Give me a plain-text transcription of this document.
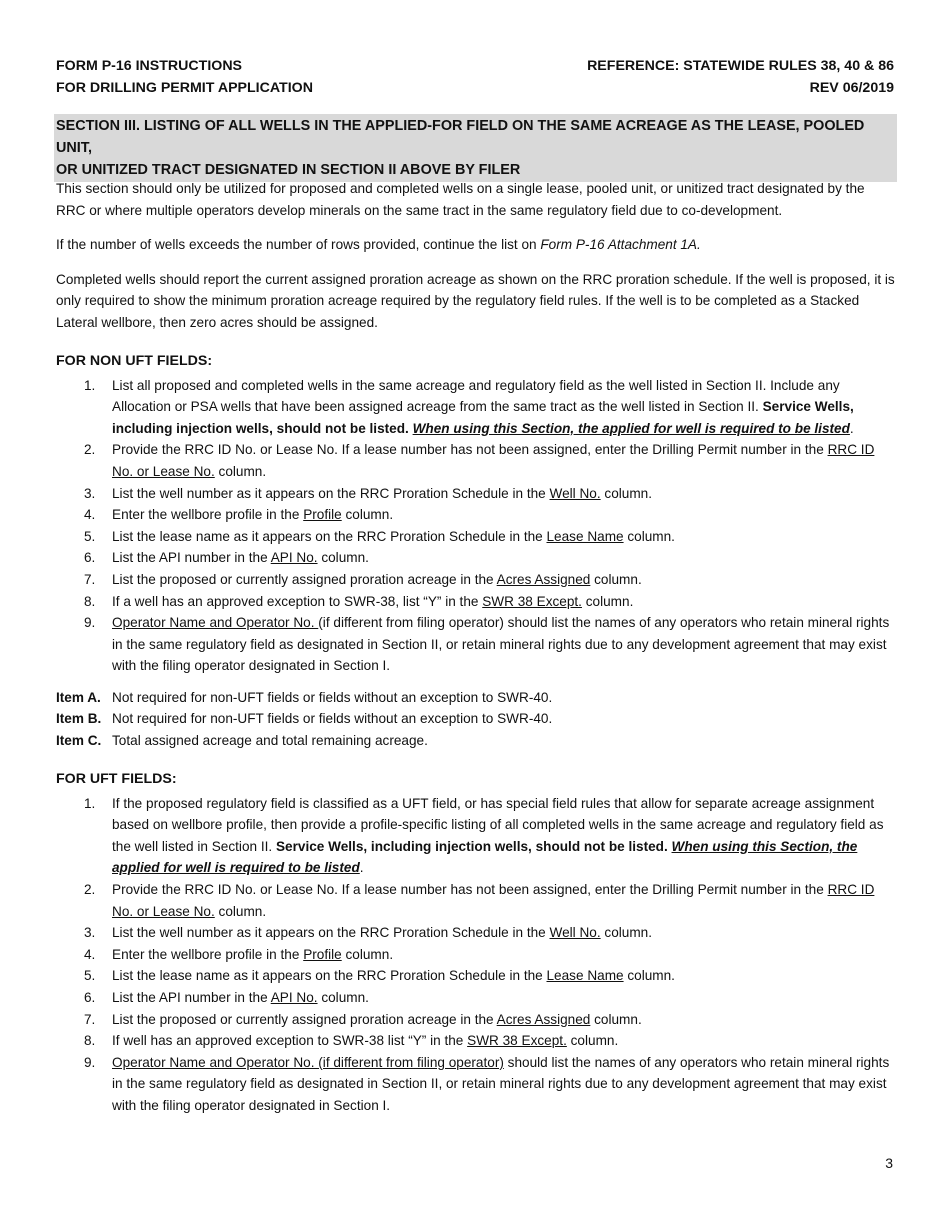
FORM P-16 INSTRUCTIONS	REFERENCE: STATEWIDE RULES 38, 40 & 86
FOR DRILLING PERMIT APPLICATION	REV 06/2019
SECTION III. LISTING OF ALL WELLS IN THE APPLIED-FOR FIELD ON THE SAME ACREAGE AS THE LEASE, POOLED UNIT,
OR UNITIZED TRACT DESIGNATED IN SECTION II ABOVE BY FILER

This section should only be utilized for proposed and completed wells on a single lease, pooled unit, or unitized tract designated by the RRC or where multiple operators develop minerals on the same tract in the same regulatory field due to co-development.

If the number of wells exceeds the number of rows provided, continue the list on Form P-16 Attachment 1A.

Completed wells should report the current assigned proration acreage as shown on the RRC proration schedule. If the well is proposed, it is only required to show the minimum proration acreage required by the regulatory field rules. If the well is to be completed as a Stacked Lateral wellbore, then zero acres should be assigned.

FOR NON UFT FIELDS:
1. List all proposed and completed wells in the same acreage and regulatory field as the well listed in Section II. Include any Allocation or PSA wells that have been assigned acreage from the same tract as the well listed in Section II. Service Wells, including injection wells, should not be listed. When using this Section, the applied for well is required to be listed.
2. Provide the RRC ID No. or Lease No. If a lease number has not been assigned, enter the Drilling Permit number in the RRC ID No. or Lease No. column.
3. List the well number as it appears on the RRC Proration Schedule in the Well No. column.
4. Enter the wellbore profile in the Profile column.
5. List the lease name as it appears on the RRC Proration Schedule in the Lease Name column.
6. List the API number in the API No. column.
7. List the proposed or currently assigned proration acreage in the Acres Assigned column.
8. If a well has an approved exception to SWR-38, list “Y” in the SWR 38 Except. column.
9. Operator Name and Operator No. (if different from filing operator) should list the names of any operators who retain mineral rights in the same regulatory field as designated in Section II, or retain mineral rights due to any development agreement that may exist with the filing operator designated in Section I.
Item A. Not required for non-UFT fields or fields without an exception to SWR-40.
Item B. Not required for non-UFT fields or fields without an exception to SWR-40.
Item C. Total assigned acreage and total remaining acreage.
FOR UFT FIELDS:
1. If the proposed regulatory field is classified as a UFT field, or has special field rules that allow for separate acreage assignment based on wellbore profile, then provide a profile-specific listing of all completed wells in the same acreage and regulatory field as the well listed in Section II. Service Wells, including injection wells, should not be listed. When using this Section, the applied for well is required to be listed.
2. Provide the RRC ID No. or Lease No. If a lease number has not been assigned, enter the Drilling Permit number in the RRC ID No. or Lease No. column.
3. List the well number as it appears on the RRC Proration Schedule in the Well No. column.
4. Enter the wellbore profile in the Profile column.
5. List the lease name as it appears on the RRC Proration Schedule in the Lease Name column.
6. List the API number in the API No. column.
7. List the proposed or currently assigned proration acreage in the Acres Assigned column.
8. If well has an approved exception to SWR-38 list “Y” in the SWR 38 Except. column.
9. Operator Name and Operator No. (if different from filing operator) should list the names of any operators who retain mineral rights in the same regulatory field as designated in Section II, or retain mineral rights due to any development agreement that may exist with the filing operator designated in Section I.
3
